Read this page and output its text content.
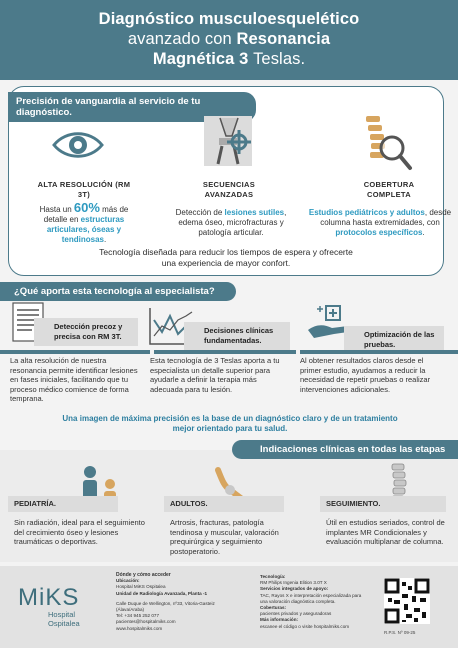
Diagnóstico musculoesquelético
avanzado con Resonancia
Magnética 3 Teslas.
Precisión de vanguardia al servicio de tu diagnóstico.
ALTA RESOLUCIÓN (RM 3T)
Hasta un 60% más de detalle en estructuras articulares, óseas y tendinosas.
SECUENCIAS AVANZADAS
Detección de lesiones sutiles, edema óseo, microfracturas y patología articular.
COBERTURA COMPLETA
Estudios pediátricos y adultos, desde columna hasta extremidades, con protocolos específicos.
Tecnología diseñada para reducir los tiempos de espera y ofrecerte una experiencia de mayor confort.
¿Qué aporta esta tecnología al especialista?
Detección precoz y precisa con RM 3T.
Decisiones clínicas fundamentadas.
Optimización de las pruebas.
La alta resolución de nuestra resonancia permite identificar lesiones en fases iniciales, facilitando que tu proceso médico comience de forma temprana.
Esta tecnología de 3 Teslas aporta a tu especialista un detalle superior para ayudarle a definir la terapia más adecuada para tu lesión.
Al obtener resultados claros desde el primer estudio, ayudamos a reducir la necesidad de repetir pruebas o realizar intervenciones adicionales.
Una imagen de máxima precisión es la base de un diagnóstico claro y de un tratamiento mejor orientado para tu salud.
Indicaciones clínicas en todas las etapas
PEDIATRÍA.	ADULTOS.	SEGUIMIENTO.
Sin radiación, ideal para el seguimiento del crecimiento óseo y lesiones traumáticas o deportivas.
Artrosis, fracturas, patología tendinosa y muscular, valoración prequirúrgica y seguimiento postoperatorio.
Útil en estudios seriados, control de implantes MR Condicionales y evaluación multiplanar de columna.
MiKS
Hospital
Ospitalea
Dónde y cómo acceder
Ubicación:
Hospital MiKS Ospitalea
Unidad de Radiología Avanzada, Planta -1
Calle Duque de Wellington, nº33, Vitoria-Gasteiz (Álava/Araba)
Tel: +34 945 252 077
pacientes@hospitalmiks.com
www.hospitalmiks.com
Tecnología:
RM Philips Ingenia Elition 3.0T X
Servicios integrados de apoyo:
TAC, Rayos X e interpretación especializada para una valoración diagnóstica completa.
Coberturas:
pacientes privados y aseguradoras
Más información:
escanee el código o visite hospitalmiks.com
R.P.S. Nº 09-25
